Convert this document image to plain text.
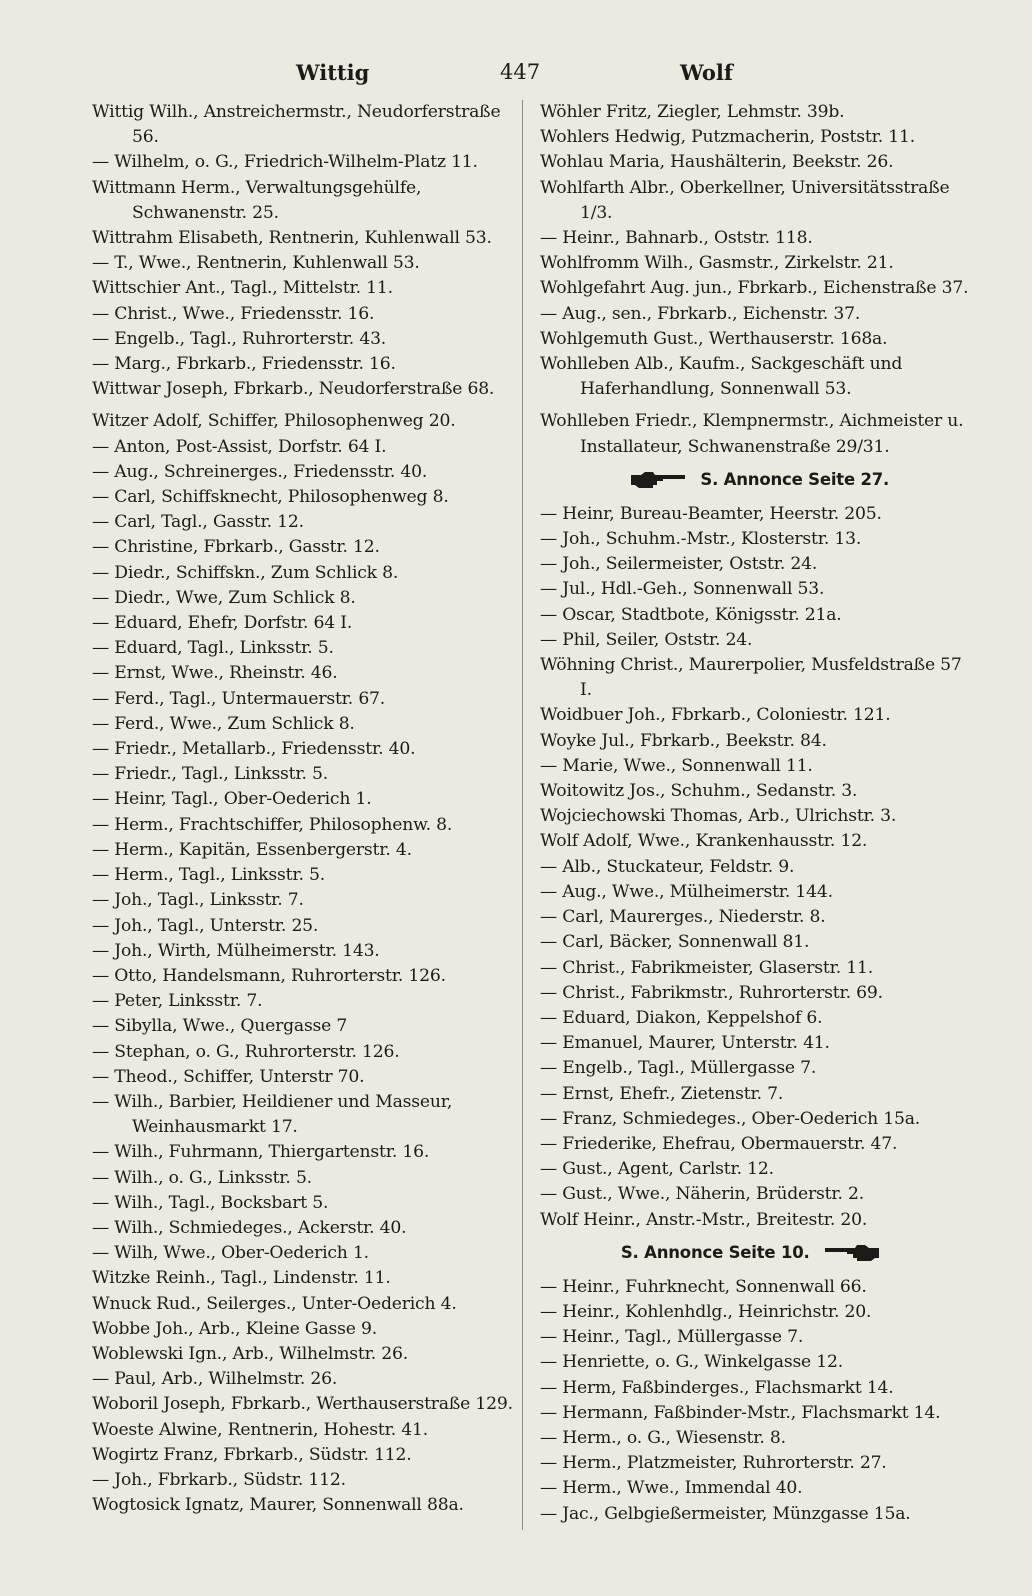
Wittig	447	Wolf

Wittig Wilh., Anstreichermstr., Neudorferstraße 56.

— Wilhelm, o. G., Friedrich-Wilhelm-Platz 11.

Wittmann Herm., Verwaltungsgehülfe, Schwanenstr. 25.

Wittrahm Elisabeth, Rentnerin, Kuhlenwall 53.

— T., Wwe., Rentnerin, Kuhlenwall 53.

Wittschier Ant., Tagl., Mittelstr. 11.

— Christ., Wwe., Friedensstr. 16.

— Engelb., Tagl., Ruhrorterstr. 43.

— Marg., Fbrkarb., Friedensstr. 16.

Wittwar Joseph, Fbrkarb., Neudorferstraße 68.

Witzer Adolf, Schiffer, Philosophenweg 20.

— Anton, Post-Assist, Dorfstr. 64 I.

— Aug., Schreinerges., Friedensstr. 40.

— Carl, Schiffsknecht, Philosophenweg 8.

— Carl, Tagl., Gasstr. 12.

— Christine, Fbrkarb., Gasstr. 12.

— Diedr., Schiffskn., Zum Schlick 8.

— Diedr., Wwe, Zum Schlick 8.

— Eduard, Ehefr, Dorfstr. 64 I.

— Eduard, Tagl., Linksstr. 5.

— Ernst, Wwe., Rheinstr. 46.

— Ferd., Tagl., Untermauerstr. 67.

— Ferd., Wwe., Zum Schlick 8.

— Friedr., Metallarb., Friedensstr. 40.

— Friedr., Tagl., Linksstr. 5.

— Heinr, Tagl., Ober-Oederich 1.

— Herm., Frachtschiffer, Philosophenw. 8.

— Herm., Kapitän, Essenbergerstr. 4.

— Herm., Tagl., Linksstr. 5.

— Joh., Tagl., Linksstr. 7.

— Joh., Tagl., Unterstr. 25.

— Joh., Wirth, Mülheimerstr. 143.

— Otto, Handelsmann, Ruhrorterstr. 126.

— Peter, Linksstr. 7.

— Sibylla, Wwe., Quergasse 7

— Stephan, o. G., Ruhrorterstr. 126.

— Theod., Schiffer, Unterstr 70.

— Wilh., Barbier, Heildiener und Masseur, Weinhausmarkt 17.

— Wilh., Fuhrmann, Thiergartenstr. 16.

— Wilh., o. G., Linksstr. 5.

— Wilh., Tagl., Bocksbart 5.

— Wilh., Schmiedeges., Ackerstr. 40.

— Wilh, Wwe., Ober-Oederich 1.

Witzke Reinh., Tagl., Lindenstr. 11.

Wnuck Rud., Seilerges., Unter-Oederich 4.

Wobbe Joh., Arb., Kleine Gasse 9.

Woblewski Ign., Arb., Wilhelmstr. 26.

— Paul, Arb., Wilhelmstr. 26.

Woboril Joseph, Fbrkarb., Werthauserstraße 129.

Woeste Alwine, Rentnerin, Hohestr. 41.

Wogirtz Franz, Fbrkarb., Südstr. 112.

— Joh., Fbrkarb., Südstr. 112.

Wogtosick Ignatz, Maurer, Sonnenwall 88a.

Wöhler Fritz, Ziegler, Lehmstr. 39b.

Wohlers Hedwig, Putzmacherin, Poststr. 11.

Wohlau Maria, Haushälterin, Beekstr. 26.

Wohlfarth Albr., Oberkellner, Universitätsstraße 1/3.

— Heinr., Bahnarb., Oststr. 118.

Wohlfromm Wilh., Gasmstr., Zirkelstr. 21.

Wohlgefahrt Aug. jun., Fbrkarb., Eichenstraße 37.

— Aug., sen., Fbrkarb., Eichenstr. 37.

Wohlgemuth Gust., Werthauserstr. 168a.

Wohlleben Alb., Kaufm., Sackgeschäft und Haferhandlung, Sonnenwall 53.

Wohlleben Friedr., Klempnermstr., Aichmeister u. Installateur, Schwanenstraße 29/31.

S. Annonce Seite 27.

— Heinr, Bureau-Beamter, Heerstr. 205.

— Joh., Schuhm.-Mstr., Klosterstr. 13.

— Joh., Seilermeister, Oststr. 24.

— Jul., Hdl.-Geh., Sonnenwall 53.

— Oscar, Stadtbote, Königsstr. 21a.

— Phil, Seiler, Oststr. 24.

Wöhning Christ., Maurerpolier, Musfeldstraße 57 I.

Woidbuer Joh., Fbrkarb., Coloniestr. 121.

Woyke Jul., Fbrkarb., Beekstr. 84.

— Marie, Wwe., Sonnenwall 11.

Woitowitz Jos., Schuhm., Sedanstr. 3.

Wojciechowski Thomas, Arb., Ulrichstr. 3.

Wolf Adolf, Wwe., Krankenhausstr. 12.

— Alb., Stuckateur, Feldstr. 9.

— Aug., Wwe., Mülheimerstr. 144.

— Carl, Maurerges., Niederstr. 8.

— Carl, Bäcker, Sonnenwall 81.

— Christ., Fabrikmeister, Glaserstr. 11.

— Christ., Fabrikmstr., Ruhrorterstr. 69.

— Eduard, Diakon, Keppelshof 6.

— Emanuel, Maurer, Unterstr. 41.

— Engelb., Tagl., Müllergasse 7.

— Ernst, Ehefr., Zietenstr. 7.

— Franz, Schmiedeges., Ober-Oederich 15a.

— Friederike, Ehefrau, Obermauerstr. 47.

— Gust., Agent, Carlstr. 12.

— Gust., Wwe., Näherin, Brüderstr. 2.

Wolf Heinr., Anstr.-Mstr., Breitestr. 20.

S. Annonce Seite 10.

— Heinr., Fuhrknecht, Sonnenwall 66.

— Heinr., Kohlenhdlg., Heinrichstr. 20.

— Heinr., Tagl., Müllergasse 7.

— Henriette, o. G., Winkelgasse 12.

— Herm, Faßbinderges., Flachsmarkt 14.

— Hermann, Faßbinder-Mstr., Flachsmarkt 14.

— Herm., o. G., Wiesenstr. 8.

— Herm., Platzmeister, Ruhrorterstr. 27.

— Herm., Wwe., Immendal 40.

— Jac., Gelbgießermeister, Münzgasse 15a.
